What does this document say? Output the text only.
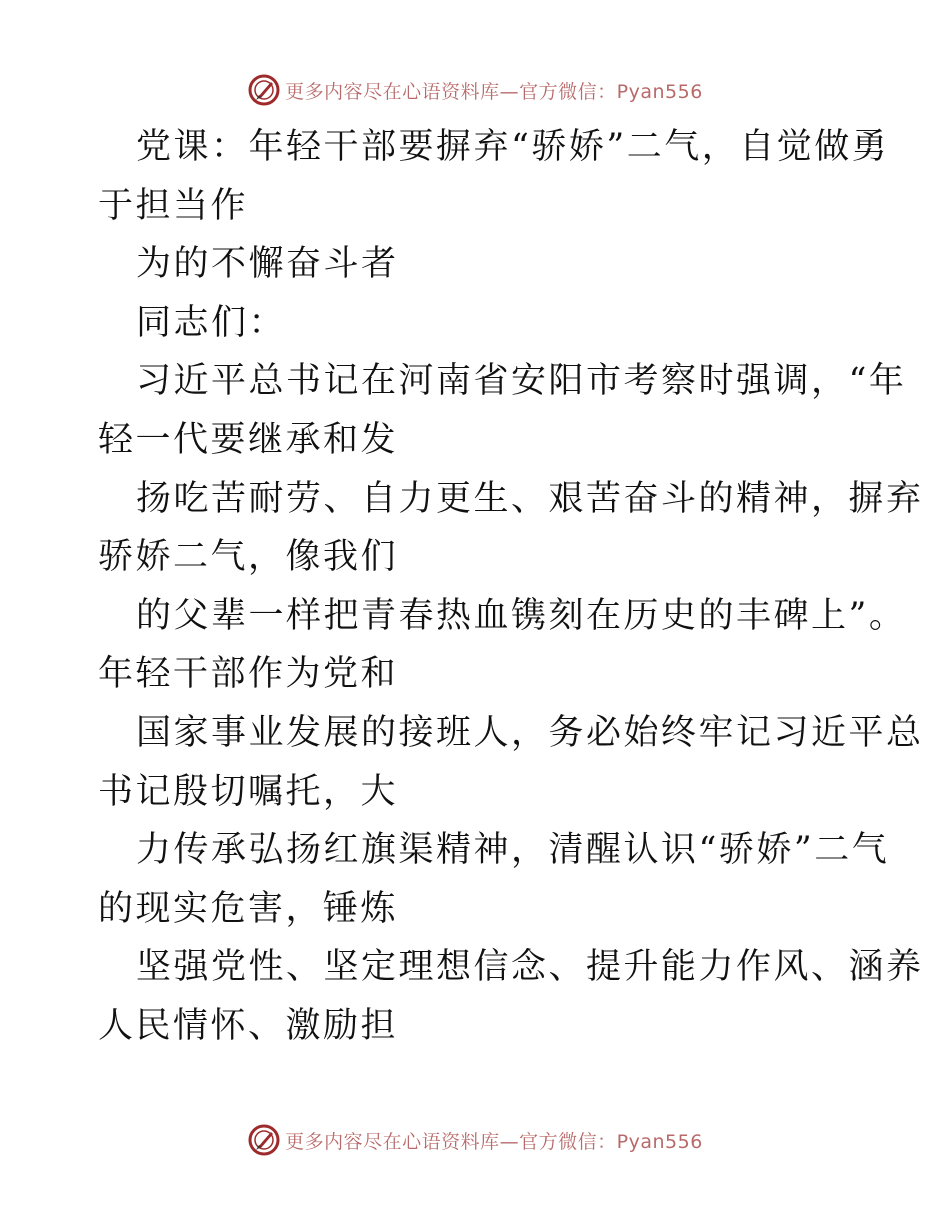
更多内容尽在心语资料库—官方微信：Pyan556
党课：年轻干部要摒弃“骄娇”二气，自觉做勇
于担当作
为的不懈奋斗者
同志们：
习近平总书记在河南省安阳市考察时强调，“年
轻一代要继承和发
扬吃苦耐劳、自力更生、艰苦奋斗的精神，摒弃
骄娇二气，像我们
的父辈一样把青春热血镌刻在历史的丰碑上”。
年轻干部作为党和
国家事业发展的接班人，务必始终牢记习近平总
书记殷切嘱托，大
力传承弘扬红旗渠精神，清醒认识“骄娇”二气
的现实危害，锤炼
坚强党性、坚定理想信念、提升能力作风、涵养
人民情怀、激励担
更多内容尽在心语资料库—官方微信：Pyan556
